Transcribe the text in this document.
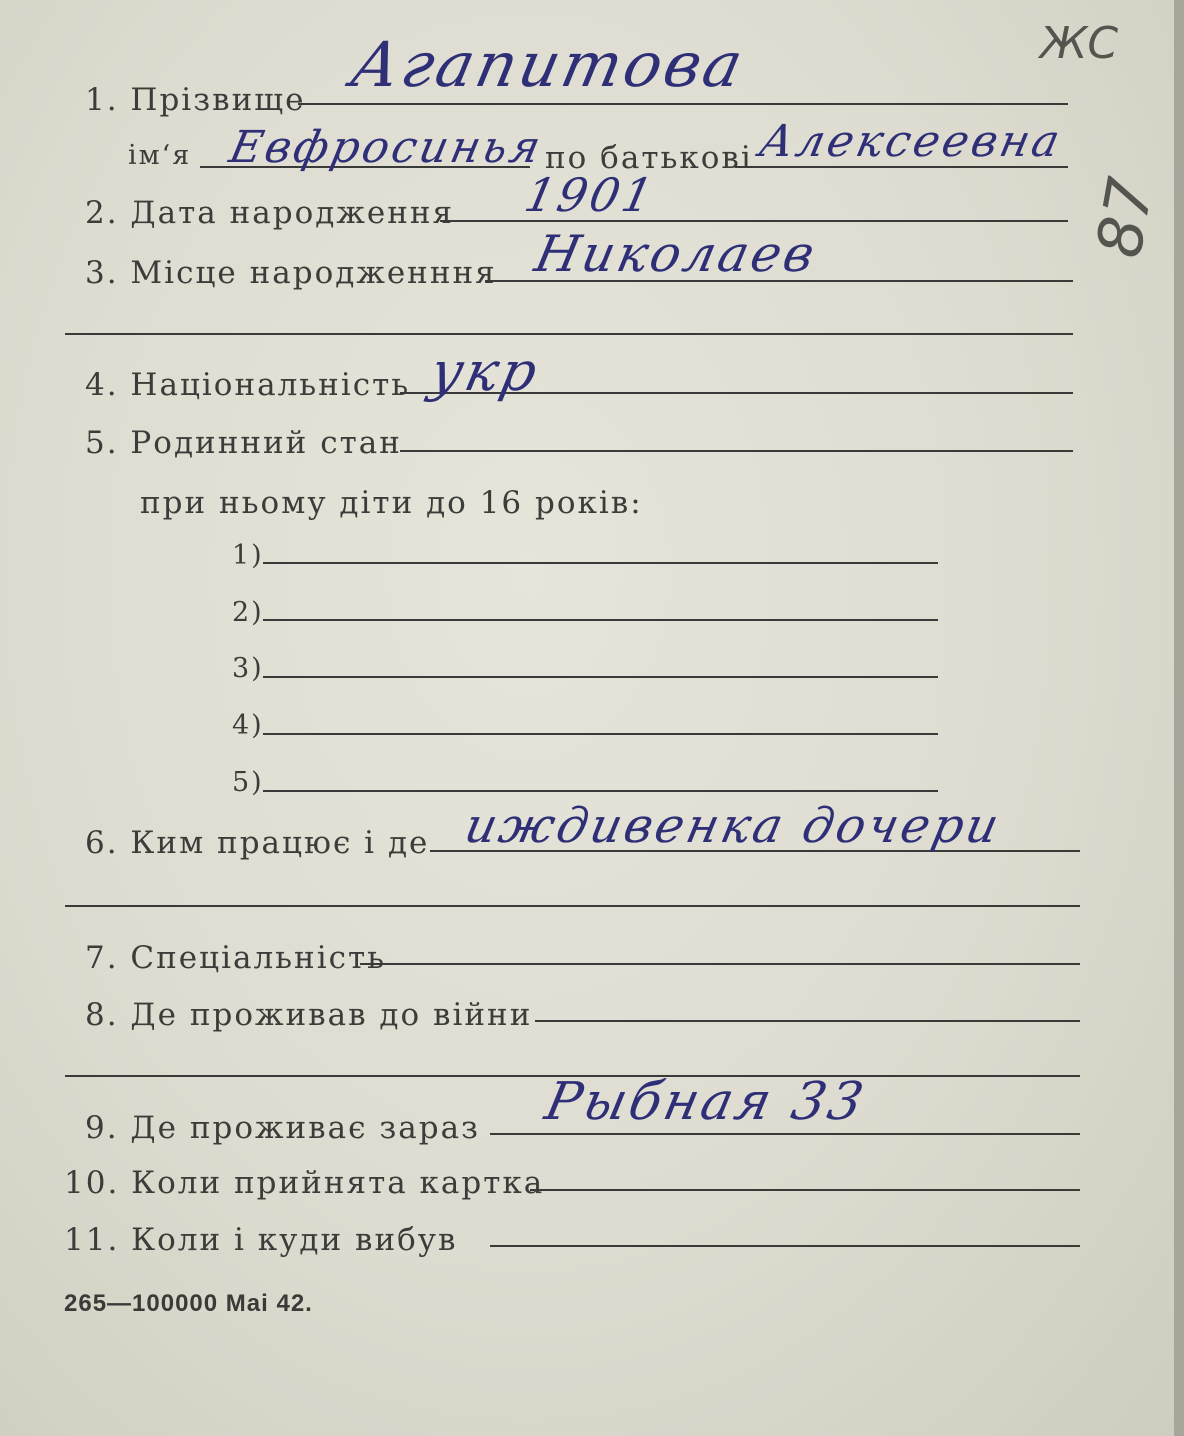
ЖС
87
1. Прізвище Агапитова
ім‘я Евфросинья
по батькові Алексеевна
2. Дата народження 1901
3. Місце народженння Николаев
4. Національність укр
5. Родинний стан
при ньому діти до 16 років:
1)
2)
3)
4)
5)
6. Ким працює і де иждивенка дочери
7. Спеціальність
8. Де проживав до війни
9. Де проживає зараз Рыбная 33
10. Коли прийнята картка
11. Коли і куди вибув
265—100000 Mai 42.
